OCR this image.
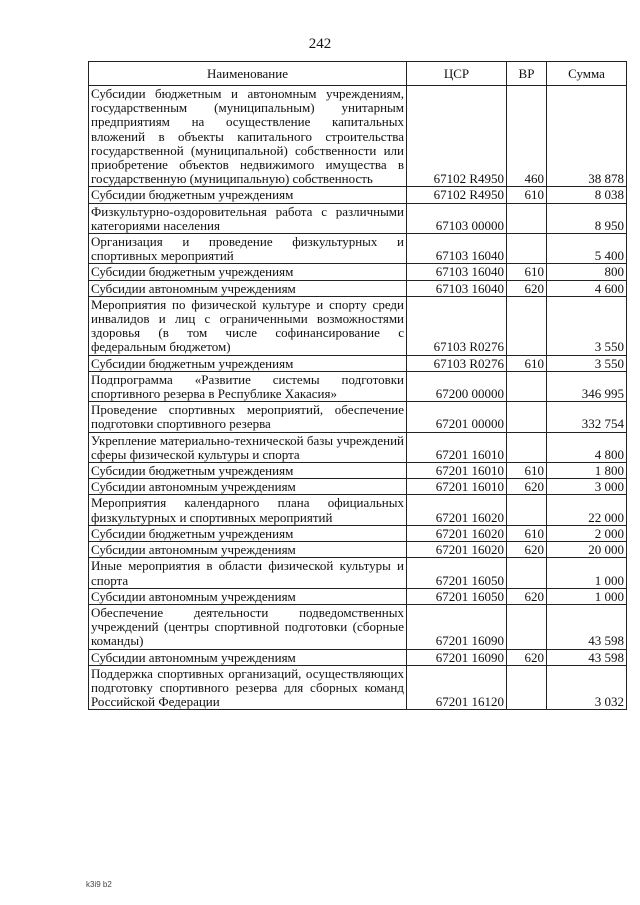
242
Наименование	ЦСР	ВР	Сумма
Субсидии бюджетным и автономным учреждениям, государственным (муниципальным) унитарным предприятиям на осуществление капитальных вложений в объекты капитального строительства государственной (муниципальной) собственности или приобретение объектов недвижимого имущества в государственную (муниципальную) собственность	67102 R4950	460	38 878
Субсидии бюджетным учреждениям	67102 R4950	610	8 038
Физкультурно-оздоровительная работа с различными категориями населения	67103 00000		8 950
Организация и проведение физкультурных и спортивных мероприятий	67103 16040		5 400
Субсидии бюджетным учреждениям	67103 16040	610	800
Субсидии автономным учреждениям	67103 16040	620	4 600
Мероприятия по физической культуре и спорту среди инвалидов и лиц с ограниченными возможностями здоровья (в том числе софинансирование с федеральным бюджетом)	67103 R0276		3 550
Субсидии бюджетным учреждениям	67103 R0276	610	3 550
Подпрограмма «Развитие системы подготовки спортивного резерва в Республике Хакасия»	67200 00000		346 995
Проведение спортивных мероприятий, обеспечение подготовки спортивного резерва	67201 00000		332 754
Укрепление материально-технической базы учреждений сферы физической культуры и спорта	67201 16010		4 800
Субсидии бюджетным учреждениям	67201 16010	610	1 800
Субсидии автономным учреждениям	67201 16010	620	3 000
Мероприятия календарного плана официальных физкультурных и спортивных мероприятий	67201 16020		22 000
Субсидии бюджетным учреждениям	67201 16020	610	2 000
Субсидии автономным учреждениям	67201 16020	620	20 000
Иные мероприятия в области физической культуры и спорта	67201 16050		1 000
Субсидии автономным учреждениям	67201 16050	620	1 000
Обеспечение деятельности подведомственных учреждений (центры спортивной подготовки (сборные команды)	67201 16090		43 598
Субсидии автономным учреждениям	67201 16090	620	43 598
Поддержка спортивных организаций, осуществляющих подготовку спортивного резерва для сборных команд Российской Федерации	67201 16120		3 032
k3i9 b2
